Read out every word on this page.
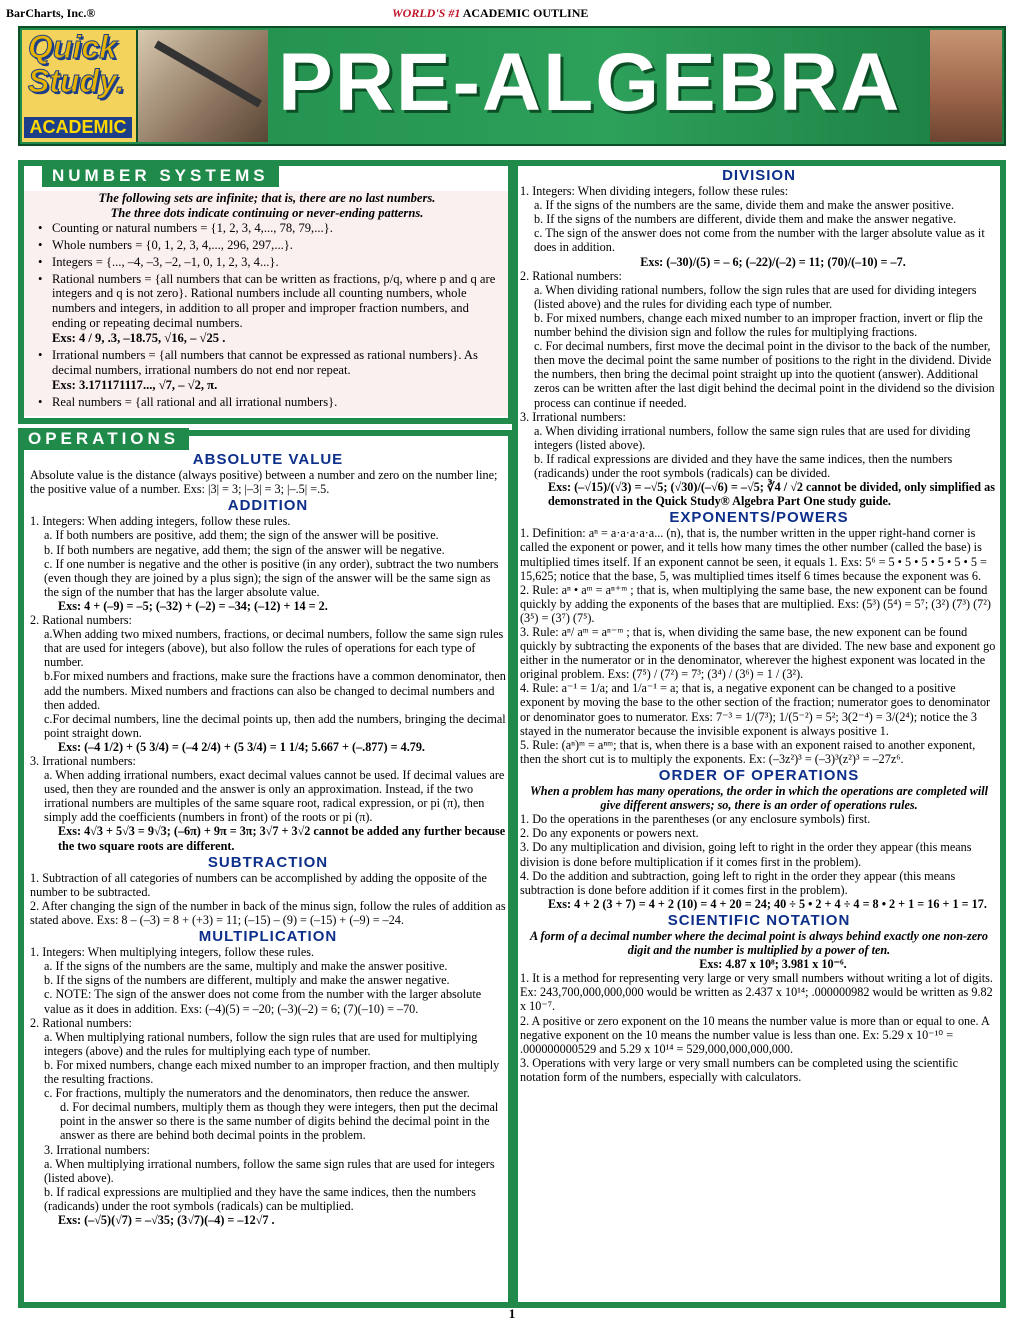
BarCharts, Inc.®	WORLD'S #1 ACADEMIC OUTLINE
Quick
Study.
ACADEMIC PRE-ALGEBRA
NUMBER SYSTEMS

The following sets are infinite; that is, there are no last numbers.

The three dots indicate continuing or never-ending patterns.

• Counting or natural numbers = {1, 2, 3, 4,..., 78, 79,...}.
• Whole numbers = {0, 1, 2, 3, 4,..., 296, 297,...}.
• Integers = {..., –4, –3, –2, –1, 0, 1, 2, 3, 4...}.
• Rational numbers = {all numbers that can be written as fractions, p/q, where p and q are integers and q is not zero}. Rational numbers include all counting numbers, whole numbers and integers, in addition to all proper and improper fraction numbers, and ending or repeating decimal numbers.
Exs: 4 / 9, .3, –18.75, √16, – √25 .
• Irrational numbers = {all numbers that cannot be expressed as rational numbers}. As decimal numbers, irrational numbers do not end nor repeat.
Exs: 3.171171117..., √7, – √2, π.
• Real numbers = {all rational and all irrational numbers}.
OPERATIONS
ABSOLUTE VALUE

Absolute value is the distance (always positive) between a number and zero on the number line; the positive value of a number. Exs: |3| = 3; |–3| = 3; |–.5| =.5.

ADDITION

1. Integers: When adding integers, follow these rules.

a. If both numbers are positive, add them; the sign of the answer will be positive.

b. If both numbers are negative, add them; the sign of the answer will be negative.

c. If one number is negative and the other is positive (in any order), subtract the two numbers (even though they are joined by a plus sign); the sign of the answer will be the same sign as the sign of the number that has the larger absolute value.

Exs: 4 + (–9) = –5; (–32) + (–2) = –34; (–12) + 14 = 2.

2. Rational numbers:

a.When adding two mixed numbers, fractions, or decimal numbers, follow the same sign rules that are used for integers (above), but also follow the rules of operations for each type of number.

b.For mixed numbers and fractions, make sure the fractions have a common denominator, then add the numbers. Mixed numbers and fractions can also be changed to decimal numbers and then added.

c.For decimal numbers, line the decimal points up, then add the numbers, bringing the decimal point straight down.

Exs: (–4 1/2) + (5 3/4) = (–4 2/4) + (5 3/4) = 1 1/4; 5.667 + (–.877) = 4.79.

3. Irrational numbers:

a. When adding irrational numbers, exact decimal values cannot be used. If decimal values are used, then they are rounded and the answer is only an approximation. Instead, if the two irrational numbers are multiples of the same square root, radical expression, or pi (π), then simply add the coefficients (numbers in front) of the roots or pi (π).

Exs: 4√3 + 5√3 = 9√3; (–6π) + 9π = 3π; 3√7 + 3√2 cannot be added any further because the two square roots are different.

SUBTRACTION

1. Subtraction of all categories of numbers can be accomplished by adding the opposite of the number to be subtracted.

2. After changing the sign of the number in back of the minus sign, follow the rules of addition as stated above. Exs: 8 – (–3) = 8 + (+3) = 11; (–15) – (9) = (–15) + (–9) = –24.

MULTIPLICATION

1. Integers: When multiplying integers, follow these rules.

a. If the signs of the numbers are the same, multiply and make the answer positive.

b. If the signs of the numbers are different, multiply and make the answer negative.

c. NOTE: The sign of the answer does not come from the number with the larger absolute value as it does in addition. Exs: (–4)(5) = –20; (–3)(–2) = 6; (7)(–10) = –70.

2. Rational numbers:

a. When multiplying rational numbers, follow the sign rules that are used for multiplying integers (above) and the rules for multiplying each type of number.

b. For mixed numbers, change each mixed number to an improper fraction, and then multiply the resulting fractions.

c. For fractions, multiply the numerators and the denominators, then reduce the answer.

d. For decimal numbers, multiply them as though they were integers, then put the decimal point in the answer so there is the same number of digits behind the decimal point in the answer as there are behind both decimal points in the problem.

3. Irrational numbers:

a. When multiplying irrational numbers, follow the same sign rules that are used for integers (listed above).

b. If radical expressions are multiplied and they have the same indices, then the numbers (radicands) under the root symbols (radicals) can be multiplied.

Exs: (–√5)(√7) = –√35; (3√7)(–4) = –12√7 .

DIVISION

1. Integers: When dividing integers, follow these rules:

a. If the signs of the numbers are the same, divide them and make the answer positive.

b. If the signs of the numbers are different, divide them and make the answer negative.

c. The sign of the answer does not come from the number with the larger absolute value as it does in addition.

Exs: (–30)/(5) = – 6; (–22)/(–2) = 11; (70)/(–10) = –7.

2. Rational numbers:

a. When dividing rational numbers, follow the sign rules that are used for dividing integers (listed above) and the rules for dividing each type of number.

b. For mixed numbers, change each mixed number to an improper fraction, invert or flip the number behind the division sign and follow the rules for multiplying fractions.

c. For decimal numbers, first move the decimal point in the divisor to the back of the number, then move the decimal point the same number of positions to the right in the dividend. Divide the numbers, then bring the decimal point straight up into the quotient (answer). Additional zeros can be written after the last digit behind the decimal point in the dividend so the division process can continue if needed.

3. Irrational numbers:

a. When dividing irrational numbers, follow the same sign rules that are used for dividing integers (listed above).

b. If radical expressions are divided and they have the same indices, then the numbers (radicands) under the root symbols (radicals) can be divided.

Exs: (–√15)/(√3) = –√5; (√30)/(–√6) = –√5; ∛4 / √2 cannot be divided, only simplified as demonstrated in the Quick Study® Algebra Part One study guide.

EXPONENTS/POWERS

1. Definition: aⁿ = a·a·a·a·a... (n), that is, the number written in the upper right-hand corner is called the exponent or power, and it tells how many times the other number (called the base) is multiplied times itself. If an exponent cannot be seen, it equals 1. Exs: 5⁶ = 5 • 5 • 5 • 5 • 5 • 5 = 15,625; notice that the base, 5, was multiplied times itself 6 times because the exponent was 6.

2. Rule: aⁿ • aᵐ = aⁿ⁺ᵐ ; that is, when multiplying the same base, the new exponent can be found quickly by adding the exponents of the bases that are multiplied. Exs: (5³) (5⁴) = 5⁷; (3²) (7³) (7²) (3⁵) = (3⁷) (7⁵).

3. Rule: aⁿ/ aᵐ = aⁿ⁻ᵐ ; that is, when dividing the same base, the new exponent can be found quickly by subtracting the exponents of the bases that are divided. The new base and exponent go either in the numerator or in the denominator, wherever the highest exponent was located in the original problem. Exs: (7⁵) / (7²) = 7³; (3⁴) / (3⁶) = 1 / (3²).

4. Rule: a⁻¹ = 1/a; and 1/a⁻¹ = a; that is, a negative exponent can be changed to a positive exponent by moving the base to the other section of the fraction; numerator goes to denominator or denominator goes to numerator. Exs: 7⁻³ = 1/(7³); 1/(5⁻²) = 5²; 3(2⁻⁴) = 3/(2⁴); notice the 3 stayed in the numerator because the invisible exponent is always positive 1.

5. Rule: (aⁿ)ᵐ = aⁿᵐ; that is, when there is a base with an exponent raised to another exponent, then the short cut is to multiply the exponents. Ex: (–3z²)³ = (–3)³(z²)³ = –27z⁶.

ORDER OF OPERATIONS

When a problem has many operations, the order in which the operations are completed will give different answers; so, there is an order of operations rules.

1. Do the operations in the parentheses (or any enclosure symbols) first.

2. Do any exponents or powers next.

3. Do any multiplication and division, going left to right in the order they appear (this means division is done before multiplication if it comes first in the problem).

4. Do the addition and subtraction, going left to right in the order they appear (this means subtraction is done before addition if it comes first in the problem).

Exs: 4 + 2 (3 + 7) = 4 + 2 (10) = 4 + 20 = 24; 40 ÷ 5 • 2 + 4 ÷ 4 = 8 • 2 + 1 = 16 + 1 = 17.

SCIENTIFIC NOTATION

A form of a decimal number where the decimal point is always behind exactly one non-zero digit and the number is multiplied by a power of ten.

Exs: 4.87 x 10⁸; 3.981 x 10⁻⁶.

1. It is a method for representing very large or very small numbers without writing a lot of digits. Ex: 243,700,000,000,000 would be written as 2.437 x 10¹⁴; .000000982 would be written as 9.82 x 10⁻⁷.

2. A positive or zero exponent on the 10 means the number value is more than or equal to one. A negative exponent on the 10 means the number value is less than one. Ex: 5.29 x 10⁻¹⁰ = .000000000529 and 5.29 x 10¹⁴ = 529,000,000,000,000.

3. Operations with very large or very small numbers can be completed using the scientific notation form of the numbers, especially with calculators.

1
